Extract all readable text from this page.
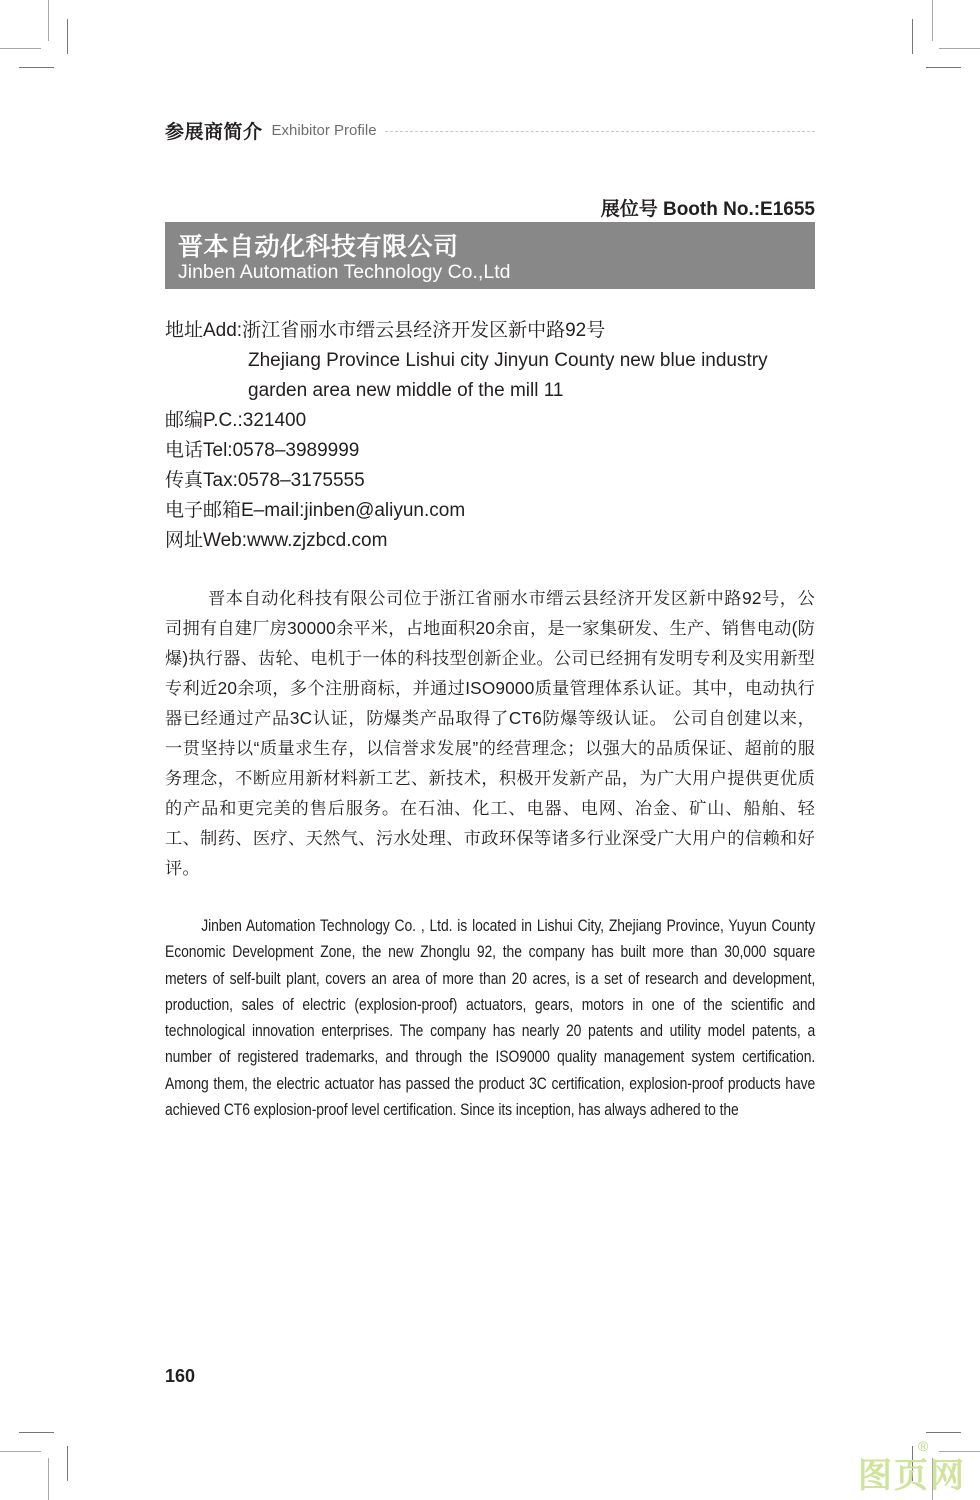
参展商简介 Exhibitor Profile
展位号 Booth No.:E1655
晋本自动化科技有限公司
Jinben Automation Technology Co.,Ltd
地址Add:浙江省丽水市缙云县经济开发区新中路92号
Zhejiang Province Lishui city Jinyun County new blue industry
garden area new middle of the mill 11
邮编P.C.:321400
电话Tel:0578–3989999
传真Tax:0578–3175555
电子邮箱E–mail:jinben@aliyun.com
网址Web:www.zjzbcd.com
晋本自动化科技有限公司位于浙江省丽水市缙云县经济开发区新中路92号，公司拥有自建厂房30000余平米，占地面积20余亩，是一家集研发、生产、销售电动(防爆)执行器、齿轮、电机于一体的科技型创新企业。公司已经拥有发明专利及实用新型专利近20余项，多个注册商标，并通过ISO9000质量管理体系认证。其中，电动执行器已经通过产品3C认证，防爆类产品取得了CT6防爆等级认证。 公司自创建以来，一贯坚持以“质量求生存，以信誉求发展”的经营理念；以强大的品质保证、超前的服务理念，不断应用新材料新工艺、新技术，积极开发新产品，为广大用户提供更优质的产品和更完美的售后服务。在石油、化工、电器、电网、冶金、矿山、船舶、轻工、制药、医疗、天然气、污水处理、市政环保等诸多行业深受广大用户的信赖和好评。
Jinben Automation Technology Co. , Ltd. is located in Lishui City, Zhejiang Province, Yuyun County Economic Development Zone, the new Zhonglu 92, the company has built more than 30,000 square meters of self-built plant, covers an area of more than 20 acres, is a set of research and development, production, sales of electric (explosion-proof) actuators, gears, motors in one of the scientific and technological innovation enterprises. The company has nearly 20 patents and utility model patents, a number of registered trademarks, and through the ISO9000 quality management system certification. Among them, the electric actuator has passed the product 3C certification, explosion-proof products have achieved CT6 explosion-proof level certification. Since its inception, has always adhered to the
160
图页网
®
